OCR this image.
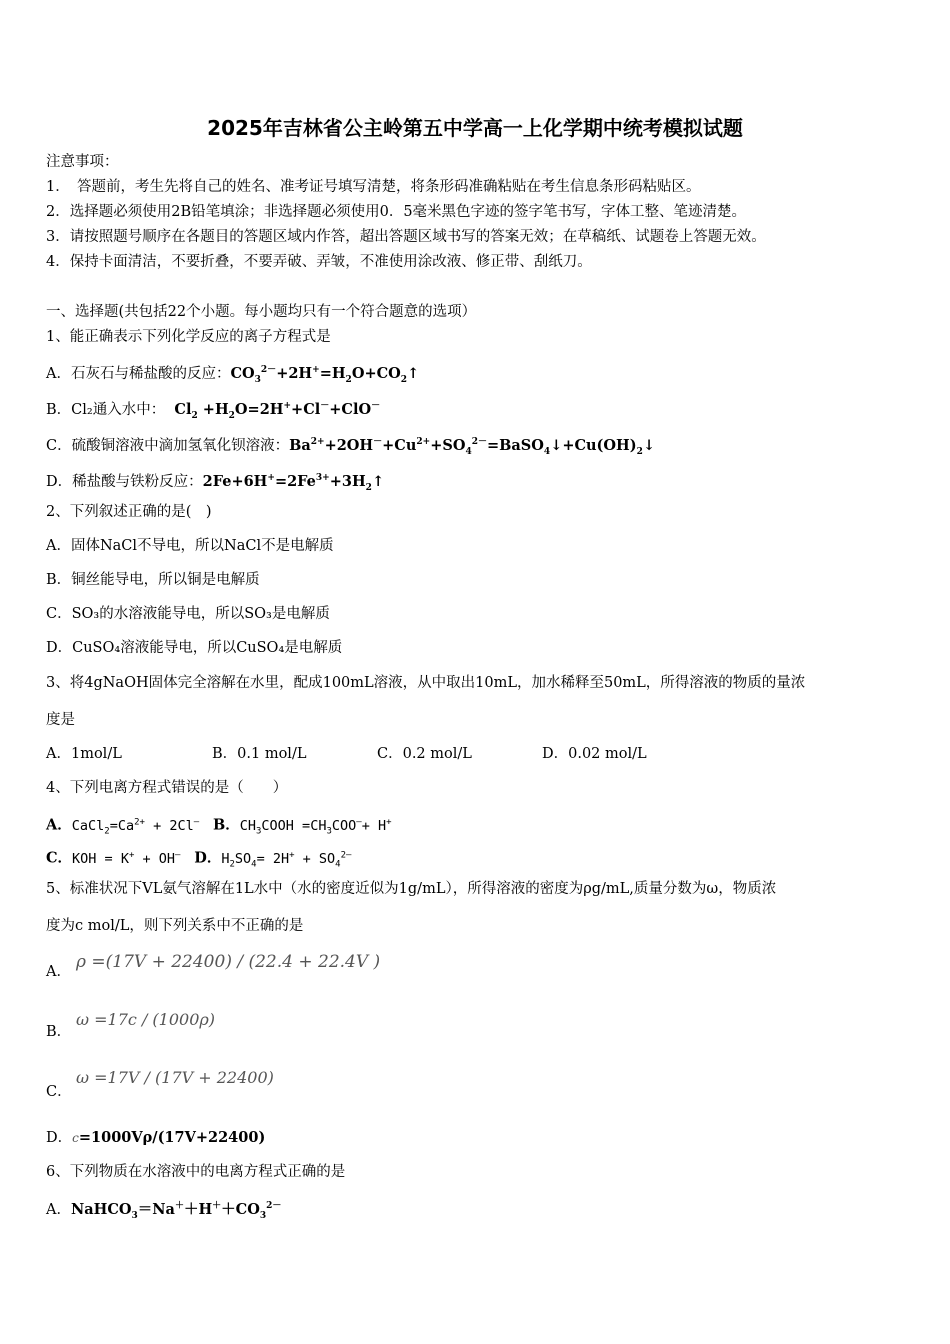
2025年吉林省公主岭第五中学高一上化学期中统考模拟试题
注意事项：
1．　答题前，考生先将自己的姓名、准考证号填写清楚，将条形码准确粘贴在考生信息条形码粘贴区。
2．选择题必须使用2B铅笔填涂；非选择题必须使用0．5毫米黑色字迹的签字笔书写，字体工整、笔迹清楚。
3．请按照题号顺序在各题目的答题区域内作答，超出答题区域书写的答案无效；在草稿纸、试题卷上答题无效。
4．保持卡面清洁，不要折叠，不要弄破、弄皱，不准使用涂改液、修正带、刮纸刀。
一、选择题(共包括22个小题。每小题均只有一个符合题意的选项）
1、能正确表示下列化学反应的离子方程式是
A．石灰石与稀盐酸的反应：$CO_3^{2-}+2H^+=H_2O+CO_2↑$
B．Cl₂通入水中： $Cl_2 +H_2O=2H^++Cl^-+ClO^-$
C．硫酸铜溶液中滴加氢氧化钡溶液：$Ba^{2+}+2OH^-+Cu^{2+}+SO_4^{2-}=BaSO_4↓+Cu(OH)_2↓$
D．稀盐酸与铁粉反应：$2Fe+6H^+=2Fe^{3+}+3H_2↑$
2、下列叙述正确的是(　)
A．固体NaCl不导电，所以NaCl不是电解质
B．铜丝能导电，所以铜是电解质
C．SO₃的水溶液能导电，所以SO₃是电解质
D．CuSO₄溶液能导电，所以CuSO₄是电解质
3、将4gNaOH固体完全溶解在水里，配成100mL溶液，从中取出10mL，加水稀释至50mL，所得溶液的物质的量浓
度是
A．1mol/L	B．0.1 mol/L	C．0.2 mol/L	D．0.02 mol/L
4、下列电离方程式错误的是（　　）
A．$CaCl_2=Ca^{2+} + 2Cl^—$ B．$CH_3COOH =CH_3COO^—+ H^+$
C．KOH = K+ + OH— D．$H_2SO_4= 2H^+ + SO_4^{2—}$
5、标准状况下VL氨气溶解在1L水中（水的密度近似为1g/mL），所得溶液的密度为ρg/mL,质量分数为ω，物质浓
度为c mol/L，则下列关系中不正确的是
A． ρ =(17V + 22400) / (22.4 + 22.4V )
B．
ω =17c / (1000ρ)
C．
ω =17V / (17V + 22400)
D．c=1000Vρ/(17V+22400)
6、下列物质在水溶液中的电离方程式正确的是
A．$NaHCO_3=Na^++H^++CO_3^{2-}$
